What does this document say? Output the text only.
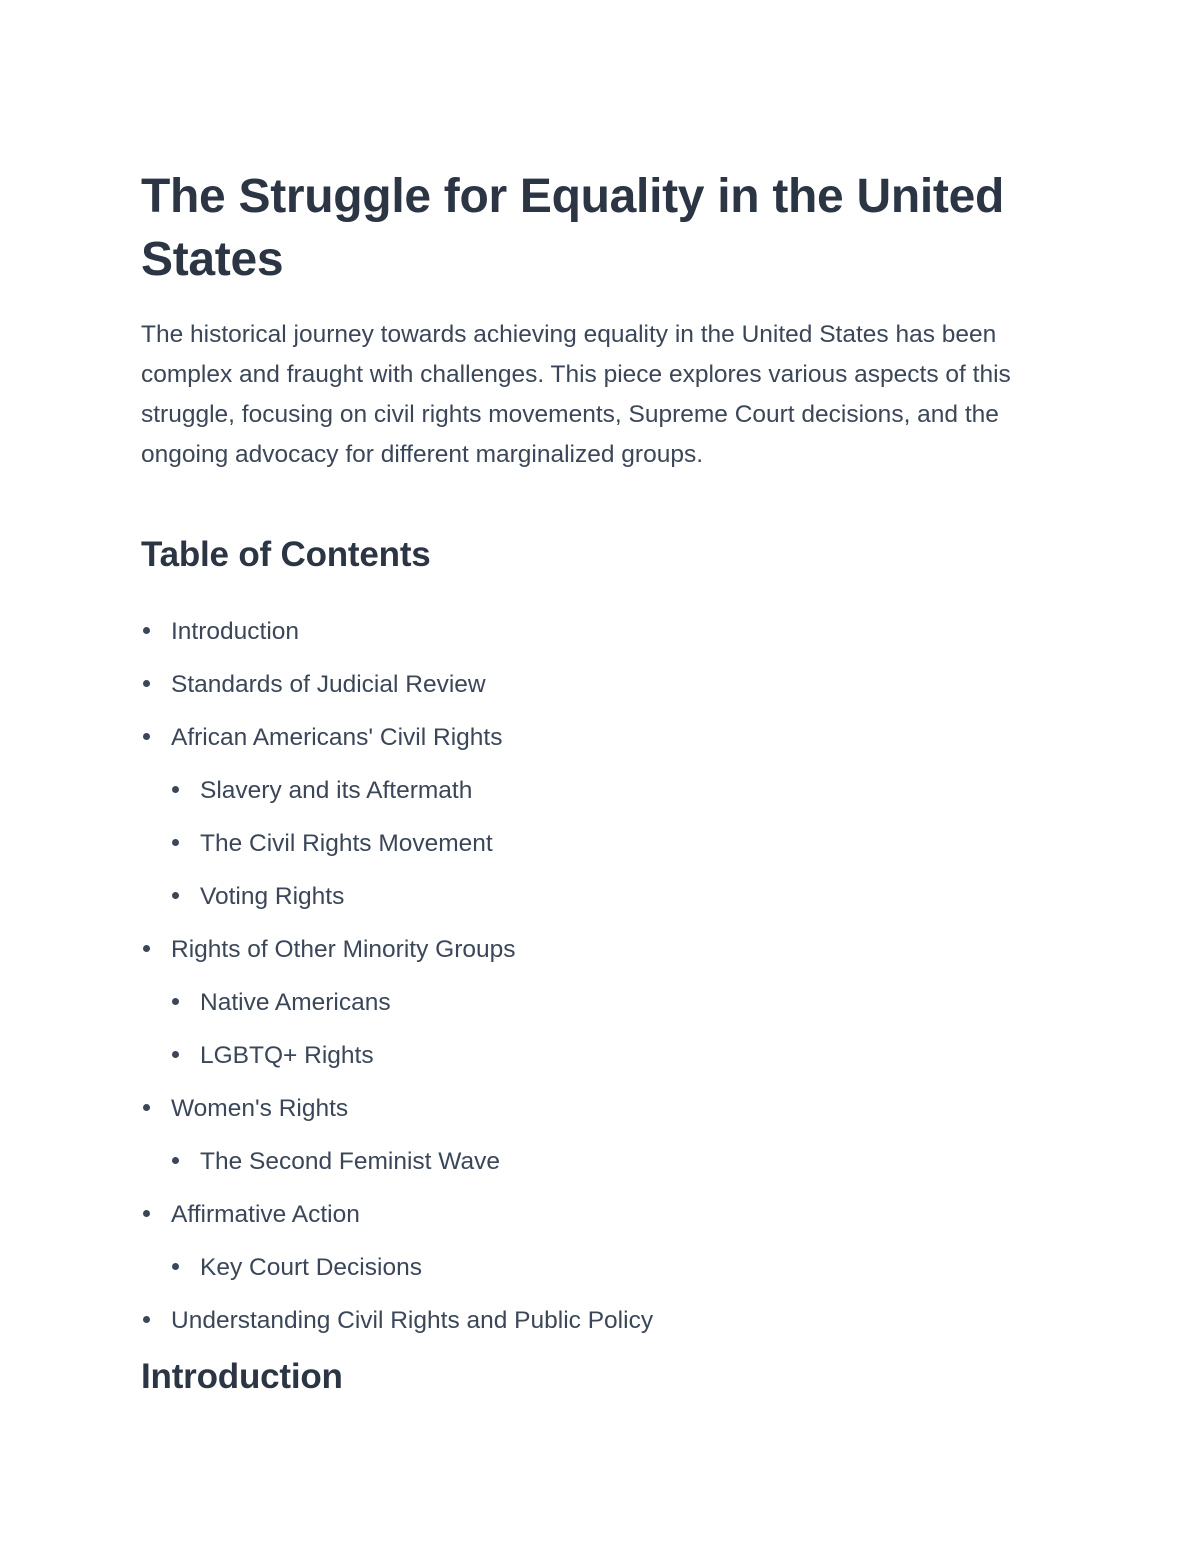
The Struggle for Equality in the United States

The historical journey towards achieving equality in the United States has been complex and fraught with challenges. This piece explores various aspects of this struggle, focusing on civil rights movements, Supreme Court decisions, and the ongoing advocacy for different marginalized groups.

Table of Contents
Introduction
Standards of Judicial Review
African Americans' Civil Rights
Slavery and its Aftermath
The Civil Rights Movement
Voting Rights
Rights of Other Minority Groups
Native Americans
LGBTQ+ Rights
Women's Rights
The Second Feminist Wave
Affirmative Action
Key Court Decisions
Understanding Civil Rights and Public Policy
Introduction
